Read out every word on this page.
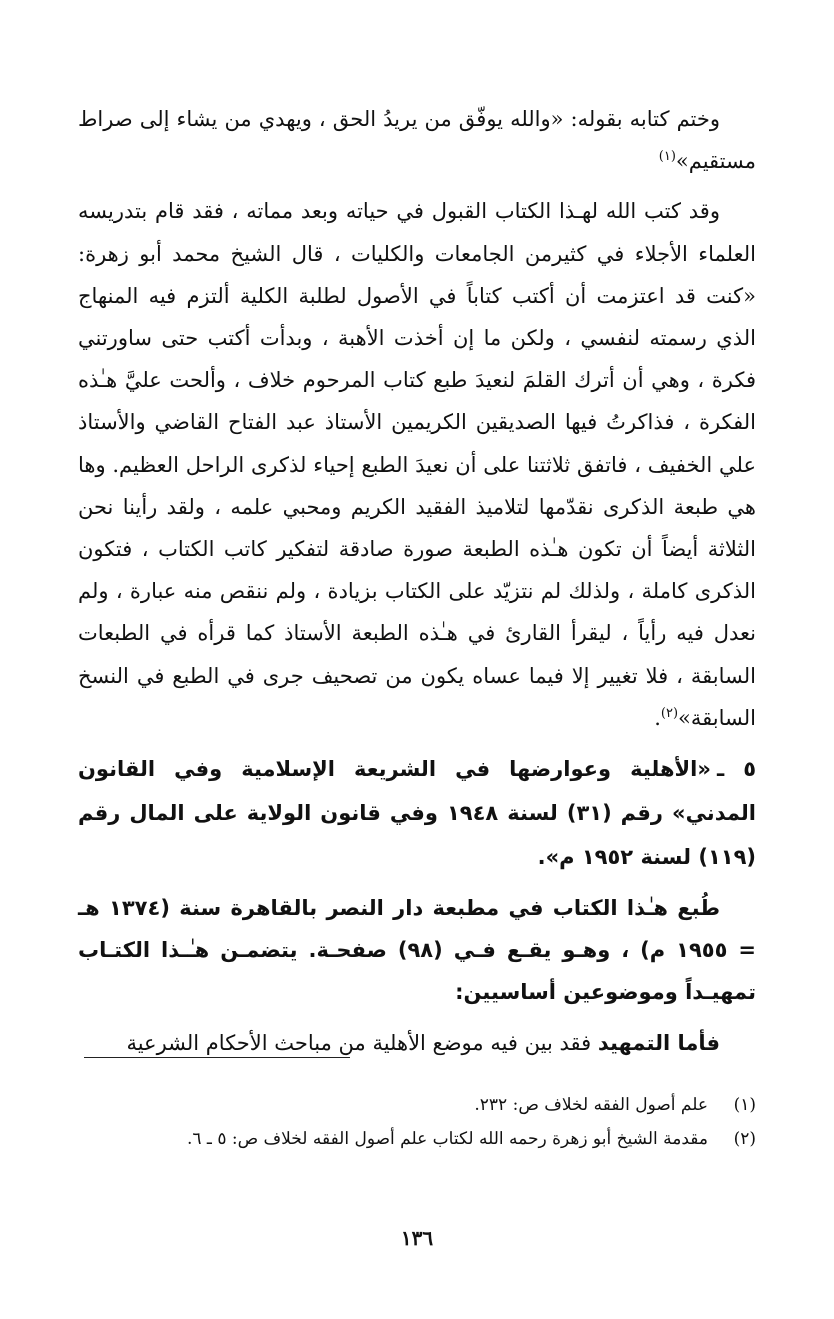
وختم كتابه بقوله: «والله يوفّق من يريدُ الحق ، ويهدي من يشاء إلى صراط مستقيم»$^{(١)}$

وقد كتب الله لهـذا الكتاب القبول في حياته وبعد مماته ، فقد قام بتدريسه العلماء الأجلاء في كثيرمن الجامعات والكليات ، قال الشيخ محمد أبو زهرة: «كنت قد اعتزمت أن أكتب كتاباً في الأصول لطلبة الكلية ألتزم فيه المنهاج الذي رسمته لنفسي ، ولكن ما إن أخذت الأهبة ، وبدأت أكتب حتى ساورتني فكرة ، وهي أن أترك القلمَ لنعيدَ طبع كتاب المرحوم خلاف ، وألحت عليَّ هـٰذه الفكرة ، فذاكرتُ فيها الصديقين الكريمين الأستاذ عبد الفتاح القاضي والأستاذ علي الخفيف ، فاتفق ثلاثتنا على أن نعيدَ الطبع إحياء لذكرى الراحل العظيم. وها هي طبعة الذكرى نقدّمها لتلاميذ الفقيد الكريم ومحبي علمه ، ولقد رأينا نحن الثلاثة أيضاً أن تكون هـٰذه الطبعة صورة صادقة لتفكير كاتب الكتاب ، فتكون الذكرى كاملة ، ولذلك لم نتزيّد على الكتاب بزيادة ، ولم ننقص منه عبارة ، ولم نعدل فيه رأياً ، ليقرأ القارئ في هـٰذه الطبعة الأستاذ كما قرأه في الطبعات السابقة ، فلا تغيير إلا فيما عساه يكون من تصحيف جرى في الطبع في النسخ السابقة»$^{(٢)}$.

٥ ـ«الأهلية وعوارضها في الشريعة الإسلامية وفي القانون المدني» رقم (٣١) لسنة ١٩٤٨ وفي قانون الولاية على المال رقم (١١٩) لسنة ١٩٥٢ م».

طُبع هـٰذا الكتاب في مطبعة دار النصر بالقاهرة سنة (١٣٧٤ هـ = ١٩٥٥ م) ، وهـو يقـع فـي (٩٨) صفحـة. يتضمـن هـٰـذا الكتـاب تمهيـداً وموضوعين أساسيين:

فأما التمهيد فقد بين فيه موضع الأهلية من مباحث الأحكام الشرعية

(١)
علم أصول الفقه لخلاف ص: ٢٣٢.
(٢)
مقدمة الشيخ أبو زهرة رحمه الله لكتاب علم أصول الفقه لخلاف ص: ٥ ـ ٦.
١٣٦
